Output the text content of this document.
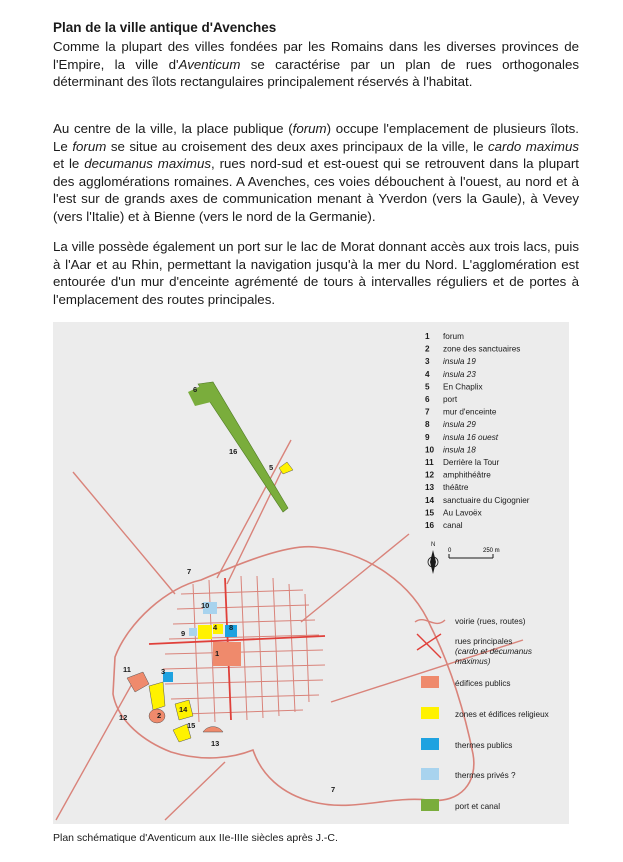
Plan de la ville antique d'Avenches

Comme la plupart des villes fondées par les Romains dans les diverses provinces de l'Empire, la ville d'Aventicum se caractérise par un plan de rues orthogonales déterminant des îlots rectangulaires principalement réservés à l'habitat.

Au centre de la ville, la place publique (forum) occupe l'emplacement de plusieurs îlots. Le forum se situe au croisement des deux axes principaux de la ville, le cardo maximus et le decumanus maximus, rues nord-sud et est-ouest qui se retrouvent dans la plupart des agglomérations romaines. A Avenches, ces voies débouchent à l'ouest, au nord et à l'est sur de grands axes de communication menant à Yverdon (vers la Gaule), à Vevey (vers l'Italie) et à Bienne (vers le nord de la Germanie).

La ville possède également un port sur le lac de Morat donnant accès aux trois lacs, puis à l'Aar et au Rhin, permettant la navigation jusqu'à la mer du Nord. L'agglomération est entourée d'un mur d'enceinte agrémenté de tours à intervalles réguliers et de portes à l'emplacement des routes principales.

1
2
3
4
5
6
7
7
8
9
10
11
12
13
14
15
16
1 forum
2 zone des sanctuaires
3 insula 19
4 insula 23
5 En Chaplix
6 port
7 mur d'enceinte
8 insula 29
9 insula 16 ouest
10 insula 18
11 Derrière la Tour
12 amphithéâtre
13 théâtre
14 sanctuaire du Cigognier
15 Au Lavoëx
16 canal
N
0	250 m
voirie (rues, routes)
rues principales
(cardo et decumanus
maximus)
édifices publics
zones et édifices religieux
thermes publics
thermes privés ?
port et canal
Plan schématique d'Aventicum aux IIe-IIIe siècles après J.-C.
